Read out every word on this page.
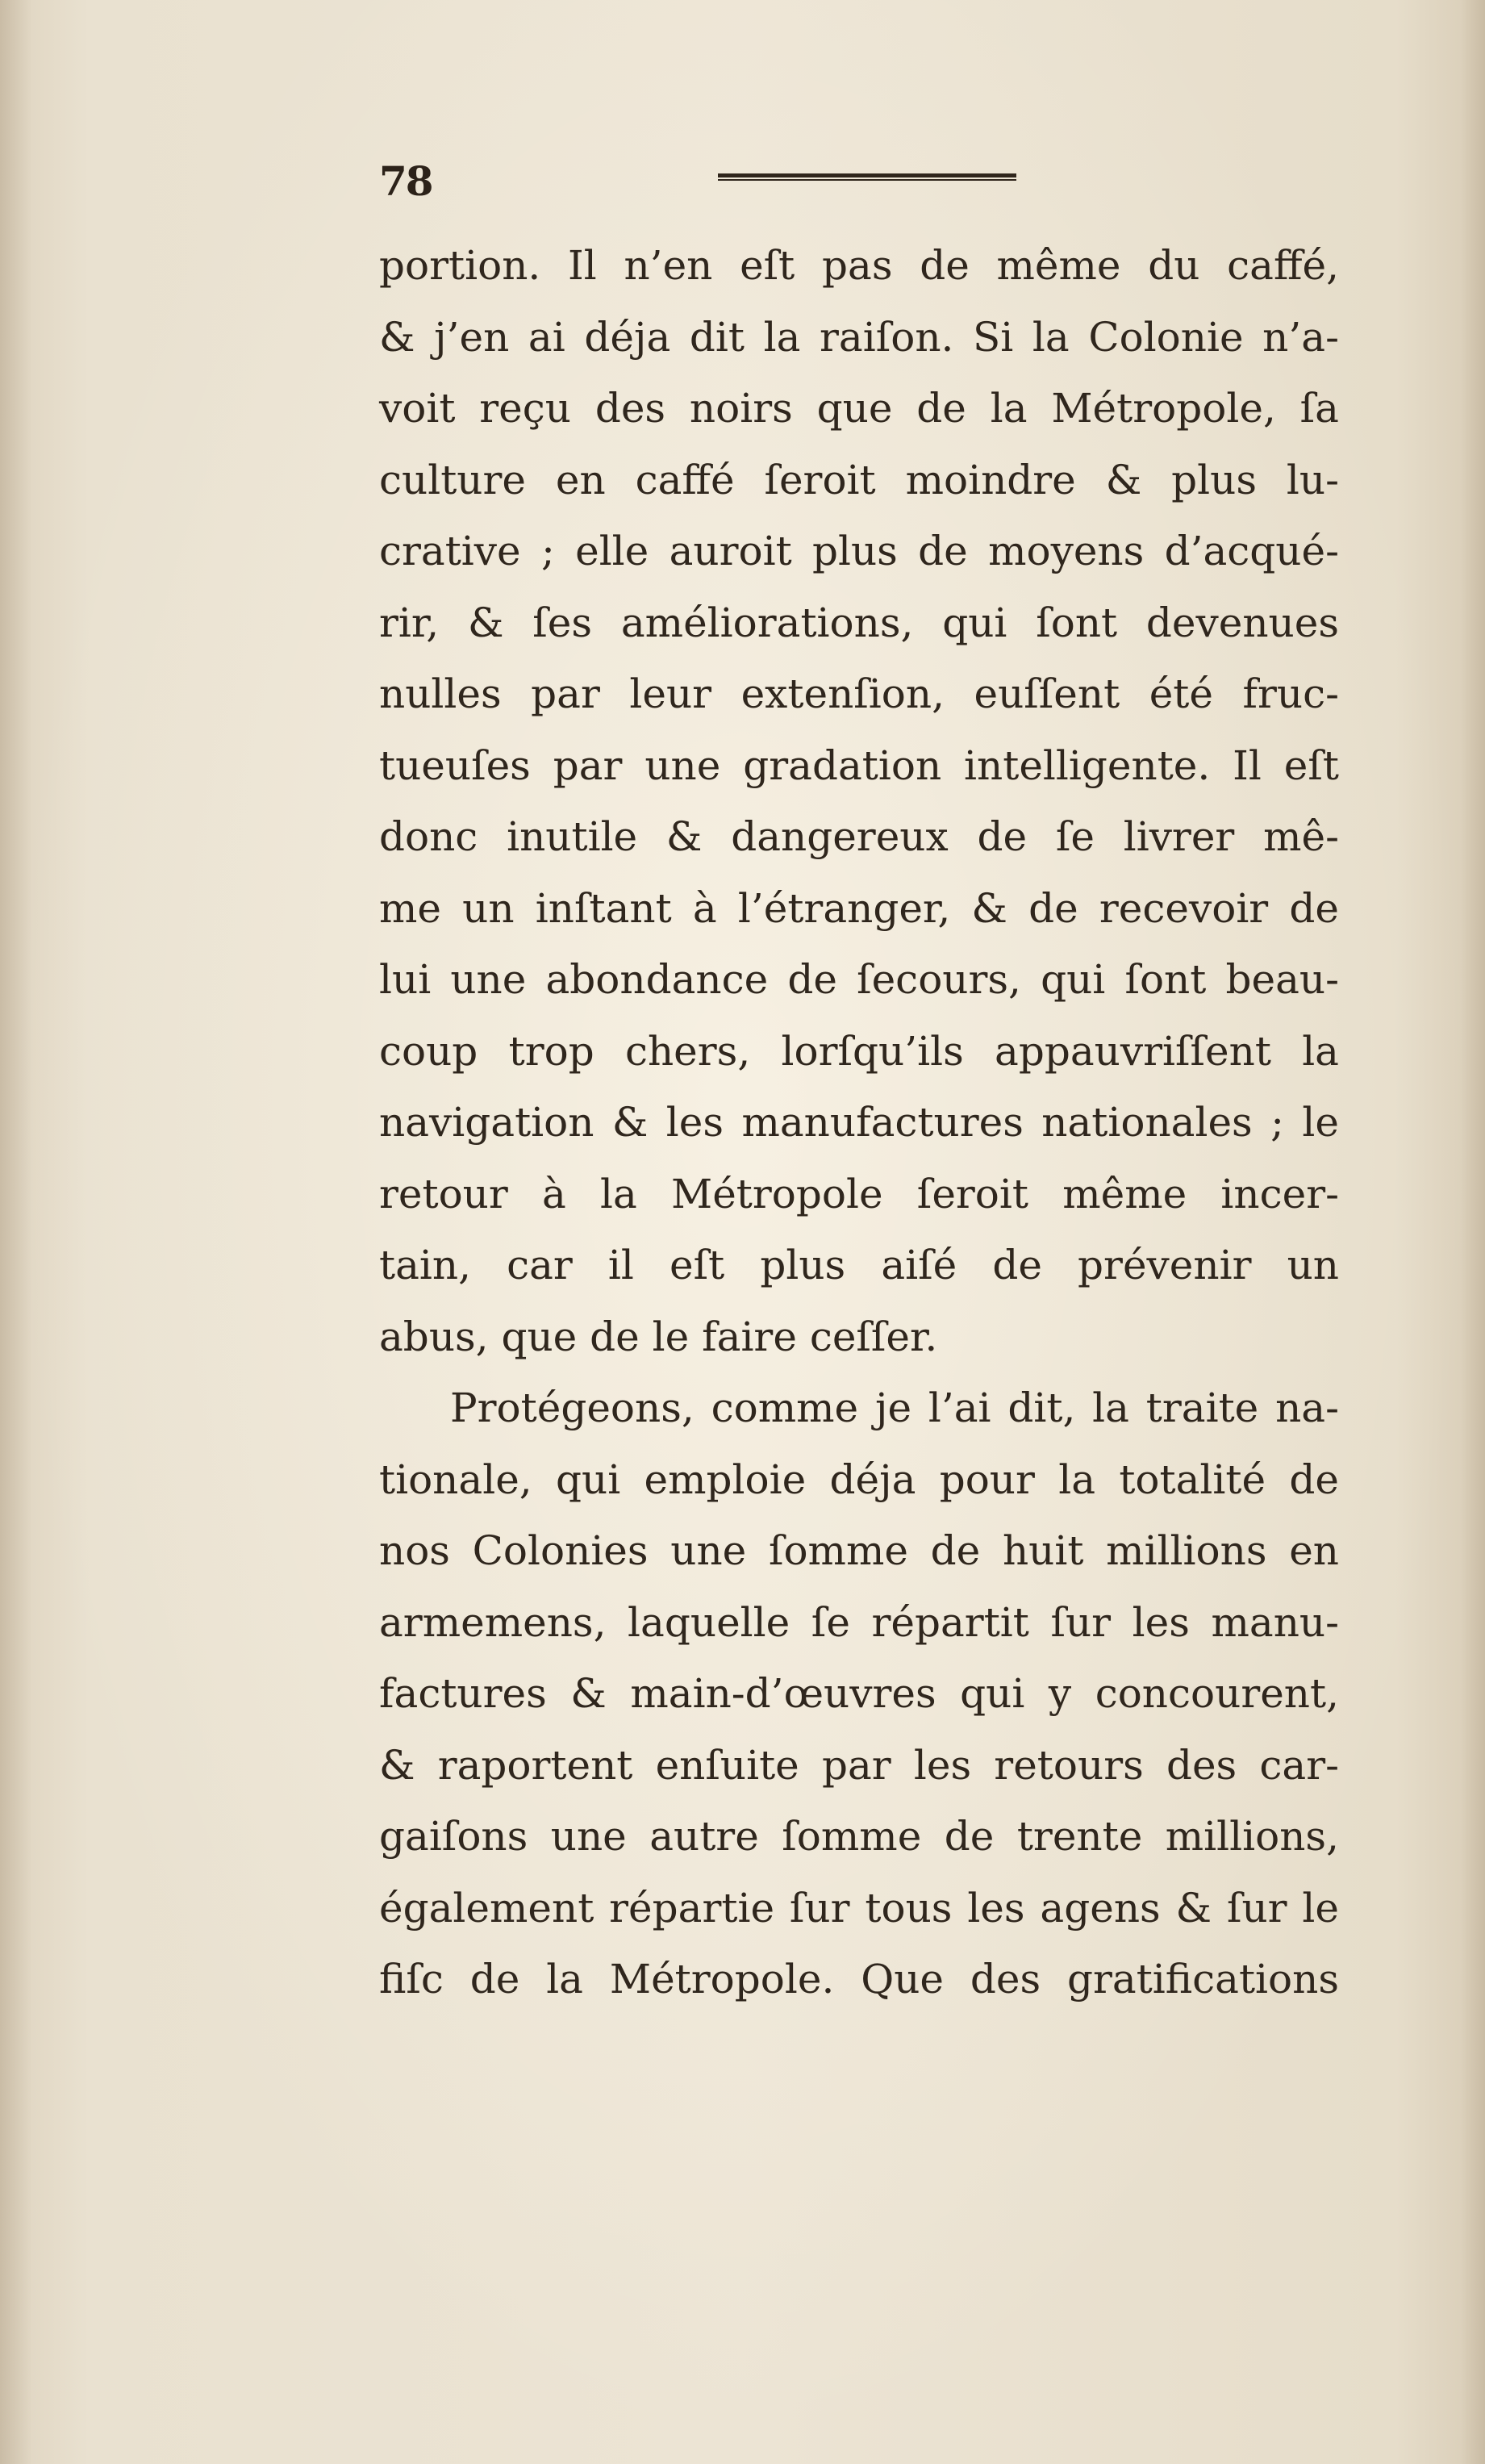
78
portion. Il n’en eſt pas de même du caffé,
& j’en ai déja dit la raiſon. Si la Colonie n’a-
voit reçu des noirs que de la Métropole, ſa
culture en caffé ſeroit moindre & plus lu-
crative ; elle auroit plus de moyens d’acqué-
rir, & ſes améliorations, qui ſont devenues
nulles par leur extenſion, euſſent été fruc-
tueuſes par une gradation intelligente. Il eſt
donc inutile & dangereux de ſe livrer mê-
me un inſtant à l’étranger, & de recevoir de
lui une abondance de ſecours, qui ſont beau-
coup trop chers, lorſqu’ils appauvriſſent la
navigation & les manufactures nationales ; le
retour à la Métropole ſeroit même incer-
tain, car il eſt plus aiſé de prévenir un
abus, que de le faire ceſſer.
Protégeons, comme je l’ai dit, la traite na-
tionale, qui emploie déja pour la totalité de
nos Colonies une ſomme de huit millions en
armemens, laquelle ſe répartit ſur les manu-
factures & main-d’œuvres qui y concourent,
& raportent enſuite par les retours des car-
gaiſons une autre ſomme de trente millions,
également répartie ſur tous les agens & ſur le
fiſc de la Métropole. Que des gratifications
